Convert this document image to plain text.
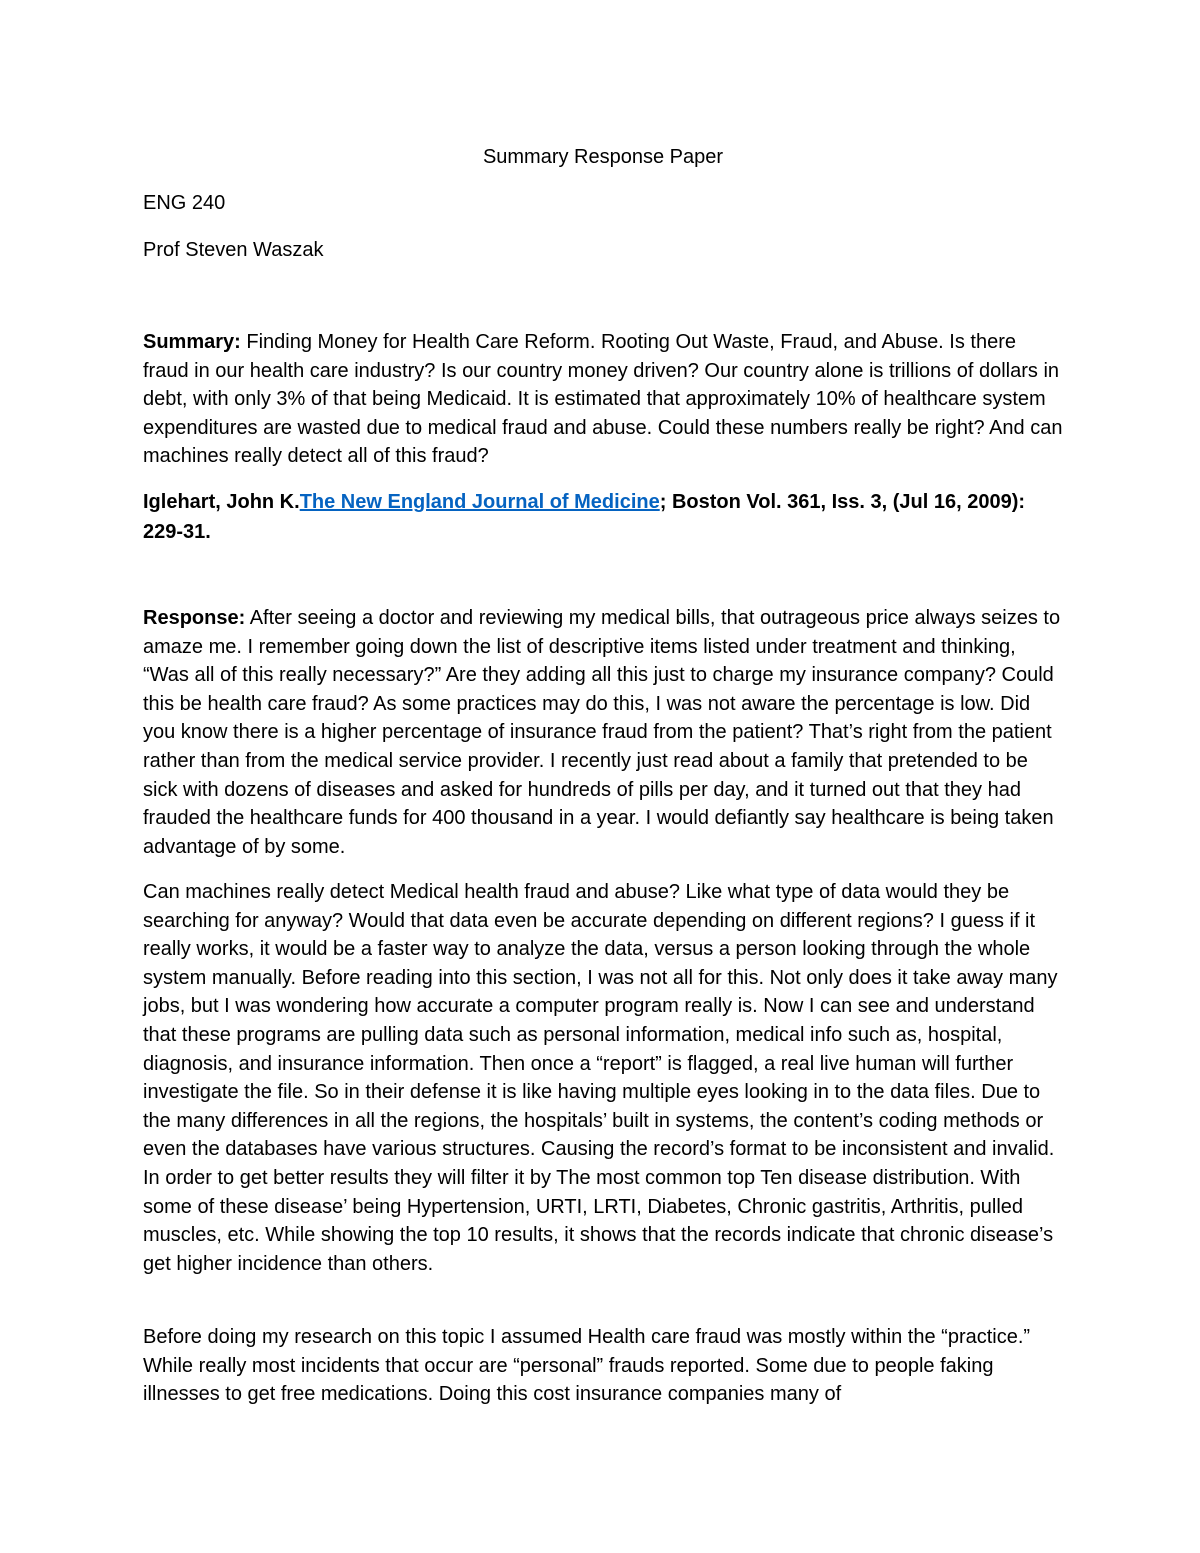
Summary Response Paper
ENG 240
Prof Steven Waszak

Summary: Finding Money for Health Care Reform. Rooting Out Waste, Fraud, and Abuse. Is there fraud in our health care industry? Is our country money driven? Our country alone is trillions of dollars in debt, with only 3% of that being Medicaid. It is estimated that approximately 10% of healthcare system expenditures are wasted due to medical fraud and abuse. Could these numbers really be right? And can machines really detect all of this fraud?

Iglehart, John K.The New England Journal of Medicine; Boston Vol. 361, Iss. 3, (Jul 16, 2009): 229-31.

Response: After seeing a doctor and reviewing my medical bills, that outrageous price always seizes to amaze me. I remember going down the list of descriptive items listed under treatment and thinking, “Was all of this really necessary?” Are they adding all this just to charge my insurance company? Could this be health care fraud? As some practices may do this, I was not aware the percentage is low. Did you know there is a higher percentage of insurance fraud from the patient? That’s right from the patient rather than from the medical service provider. I recently just read about a family that pretended to be sick with dozens of diseases and asked for hundreds of pills per day, and it turned out that they had frauded the healthcare funds for 400 thousand in a year. I would defiantly say healthcare is being taken advantage of by some.

Can machines really detect Medical health fraud and abuse? Like what type of data would they be searching for anyway? Would that data even be accurate depending on different regions? I guess if it really works, it would be a faster way to analyze the data, versus a person looking through the whole system manually. Before reading into this section, I was not all for this. Not only does it take away many jobs, but I was wondering how accurate a computer program really is. Now I can see and understand that these programs are pulling data such as personal information, medical info such as, hospital, diagnosis, and insurance information. Then once a “report” is flagged, a real live human will further investigate the file. So in their defense it is like having multiple eyes looking in to the data files. Due to the many differences in all the regions, the hospitals’ built in systems, the content’s coding methods or even the databases have various structures. Causing the record’s format to be inconsistent and invalid. In order to get better results they will filter it by The most common top Ten disease distribution. With some of these disease’ being Hypertension, URTI, LRTI, Diabetes, Chronic gastritis, Arthritis, pulled muscles, etc. While showing the top 10 results, it shows that the records indicate that chronic disease’s get higher incidence than others.

Before doing my research on this topic I assumed Health care fraud was mostly within the “practice.” While really most incidents that occur are “personal” frauds reported. Some due to people faking illnesses to get free medications. Doing this cost insurance companies many of
